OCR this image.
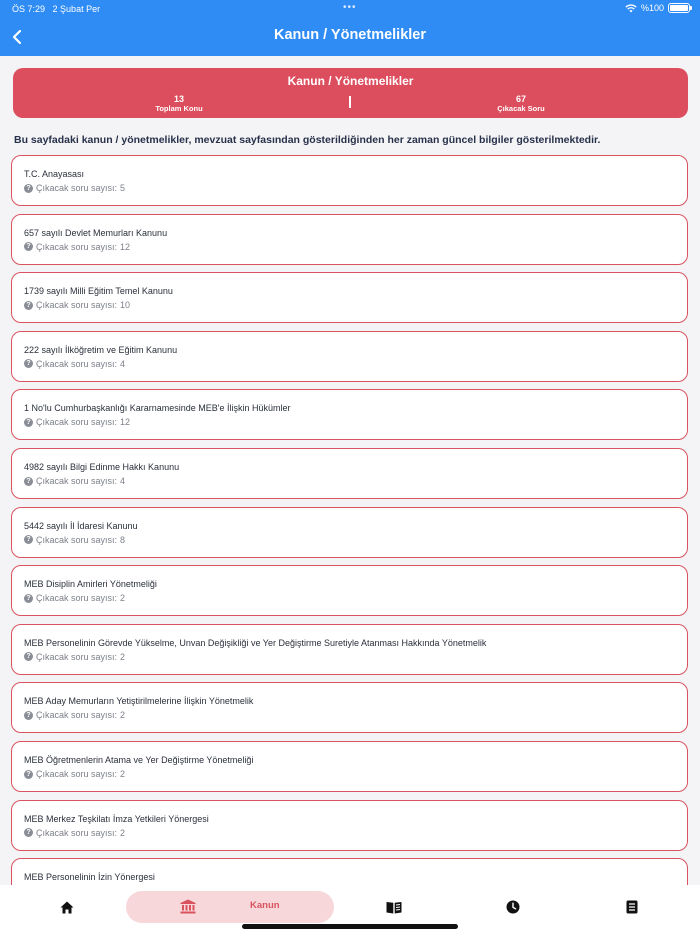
ÖS 7:29 2 Şubat Per	•••	%100
Kanun / Yönetmelikler
Kanun / Yönetmelikler
13
Toplam Konu
67
Çıkacak Soru
Bu sayfadaki kanun / yönetmelikler, mevzuat sayfasından gösterildiğinden her zaman güncel bilgiler gösterilmektedir.
T.C. Anayasası
? Çıkacak soru sayısı: 5
657 sayılı Devlet Memurları Kanunu
? Çıkacak soru sayısı: 12
1739 sayılı Milli Eğitim Temel Kanunu
? Çıkacak soru sayısı: 10
222 sayılı İlköğretim ve Eğitim Kanunu
? Çıkacak soru sayısı: 4
1 No'lu Cumhurbaşkanlığı Kararnamesinde MEB'e İlişkin Hükümler
? Çıkacak soru sayısı: 12
4982 sayılı Bilgi Edinme Hakkı Kanunu
? Çıkacak soru sayısı: 4
5442 sayılı İl İdaresi Kanunu
? Çıkacak soru sayısı: 8
MEB Disiplin Amirleri Yönetmeliği
? Çıkacak soru sayısı: 2
MEB Personelinin Görevde Yükselme, Unvan Değişikliği ve Yer Değiştirme Suretiyle Atanması Hakkında Yönetmelik
? Çıkacak soru sayısı: 2
MEB Aday Memurların Yetiştirilmelerine İlişkin Yönetmelik
? Çıkacak soru sayısı: 2
MEB Öğretmenlerin Atama ve Yer Değiştirme Yönetmeliği
? Çıkacak soru sayısı: 2
MEB Merkez Teşkilatı İmza Yetkileri Yönergesi
? Çıkacak soru sayısı: 2
MEB Personelinin İzin Yönergesi
Kanun
